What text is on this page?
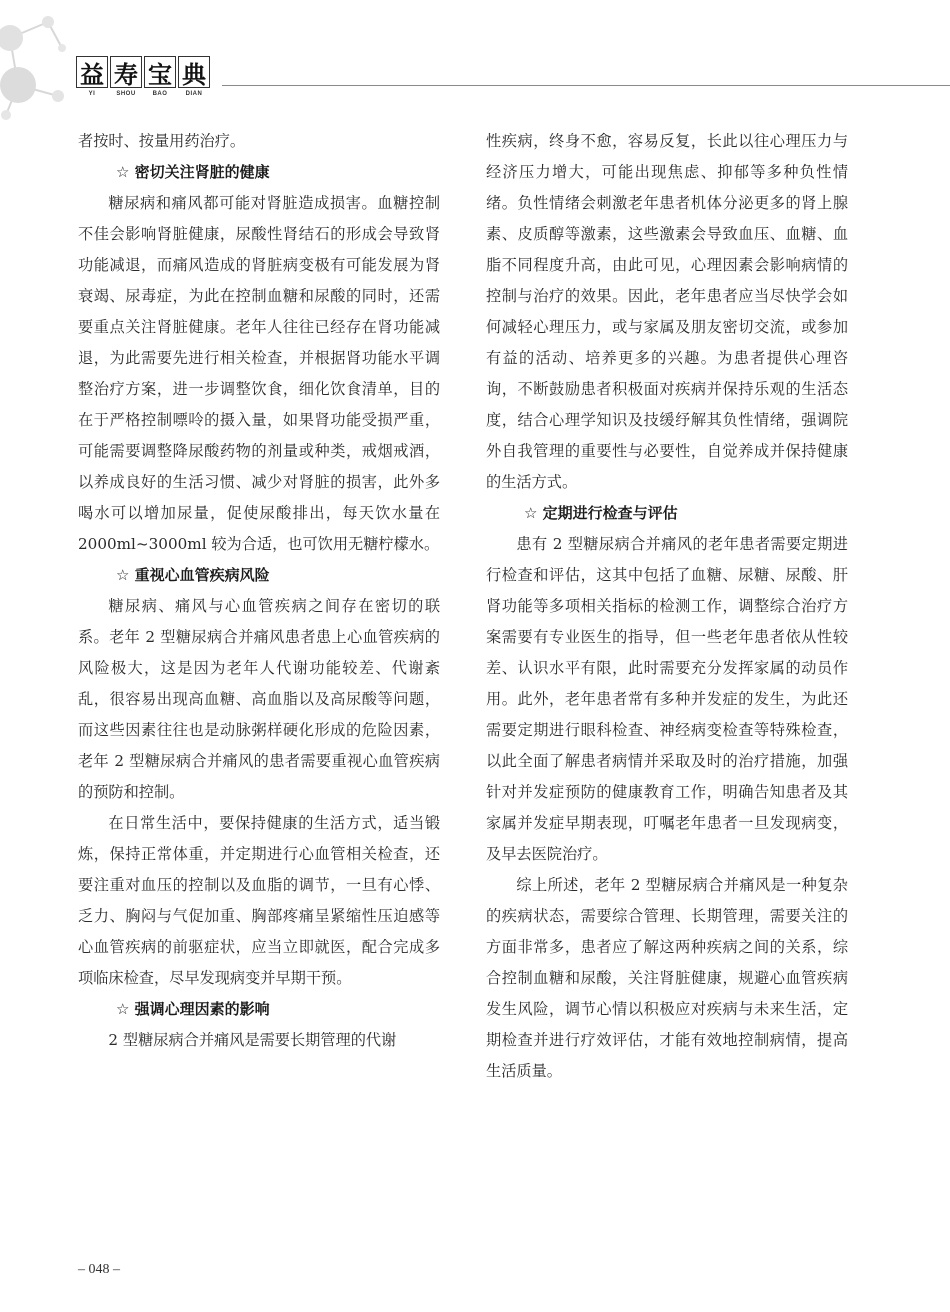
益 寿 宝 典
YI	SHOU	BAO	DIAN

者按时、按量用药治疗。

☆ 密切关注肾脏的健康

糖尿病和痛风都可能对肾脏造成损害。血糖控制不佳会影响肾脏健康，尿酸性肾结石的形成会导致肾功能减退，而痛风造成的肾脏病变极有可能发展为肾衰竭、尿毒症，为此在控制血糖和尿酸的同时，还需要重点关注肾脏健康。老年人往往已经存在肾功能减退，为此需要先进行相关检查，并根据肾功能水平调整治疗方案，进一步调整饮食，细化饮食清单，目的在于严格控制嘌呤的摄入量，如果肾功能受损严重，可能需要调整降尿酸药物的剂量或种类，戒烟戒酒，以养成良好的生活习惯、减少对肾脏的损害，此外多喝水可以增加尿量，促使尿酸排出，每天饮水量在 2000ml~3000ml 较为合适，也可饮用无糖柠檬水。

☆ 重视心血管疾病风险

糖尿病、痛风与心血管疾病之间存在密切的联系。老年 2 型糖尿病合并痛风患者患上心血管疾病的风险极大，这是因为老年人代谢功能较差、代谢紊乱，很容易出现高血糖、高血脂以及高尿酸等问题，而这些因素往往也是动脉粥样硬化形成的危险因素，老年 2 型糖尿病合并痛风的患者需要重视心血管疾病的预防和控制。

在日常生活中，要保持健康的生活方式，适当锻炼，保持正常体重，并定期进行心血管相关检查，还要注重对血压的控制以及血脂的调节，一旦有心悸、乏力、胸闷与气促加重、胸部疼痛呈紧缩性压迫感等心血管疾病的前驱症状，应当立即就医，配合完成多项临床检查，尽早发现病变并早期干预。

☆ 强调心理因素的影响

2 型糖尿病合并痛风是需要长期管理的代谢

性疾病，终身不愈，容易反复，长此以往心理压力与经济压力增大，可能出现焦虑、抑郁等多种负性情绪。负性情绪会刺激老年患者机体分泌更多的肾上腺素、皮质醇等激素，这些激素会导致血压、血糖、血脂不同程度升高，由此可见，心理因素会影响病情的控制与治疗的效果。因此，老年患者应当尽快学会如何减轻心理压力，或与家属及朋友密切交流，或参加有益的活动、培养更多的兴趣。为患者提供心理咨询，不断鼓励患者积极面对疾病并保持乐观的生活态度，结合心理学知识及技缓纾解其负性情绪，强调院外自我管理的重要性与必要性，自觉养成并保持健康的生活方式。

☆ 定期进行检查与评估

患有 2 型糖尿病合并痛风的老年患者需要定期进行检查和评估，这其中包括了血糖、尿糖、尿酸、肝肾功能等多项相关指标的检测工作，调整综合治疗方案需要有专业医生的指导，但一些老年患者依从性较差、认识水平有限，此时需要充分发挥家属的动员作用。此外，老年患者常有多种并发症的发生，为此还需要定期进行眼科检查、神经病变检查等特殊检查，以此全面了解患者病情并采取及时的治疗措施，加强针对并发症预防的健康教育工作，明确告知患者及其家属并发症早期表现，叮嘱老年患者一旦发现病变，及早去医院治疗。

综上所述，老年 2 型糖尿病合并痛风是一种复杂的疾病状态，需要综合管理、长期管理，需要关注的方面非常多，患者应了解这两种疾病之间的关系，综合控制血糖和尿酸，关注肾脏健康，规避心血管疾病发生风险，调节心情以积极应对疾病与未来生活，定期检查并进行疗效评估，才能有效地控制病情，提高生活质量。

– 048 –
